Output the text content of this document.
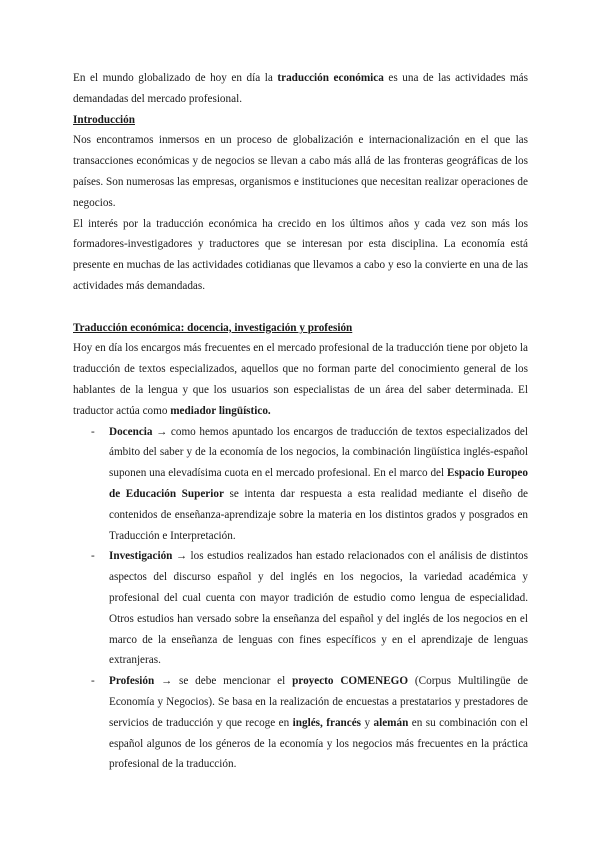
En el mundo globalizado de hoy en día la traducción económica es una de las actividades más demandadas del mercado profesional.

Introducción

Nos encontramos inmersos en un proceso de globalización e internacionalización en el que las transacciones económicas y de negocios se llevan a cabo más allá de las fronteras geográficas de los países. Son numerosas las empresas, organismos e instituciones que necesitan realizar operaciones de negocios.

El interés por la traducción económica ha crecido en los últimos años y cada vez son más los formadores-investigadores y traductores que se interesan por esta disciplina. La economía está presente en muchas de las actividades cotidianas que llevamos a cabo y eso la convierte en una de las actividades más demandadas.

Traducción económica: docencia, investigación y profesión

Hoy en día los encargos más frecuentes en el mercado profesional de la traducción tiene por objeto la traducción de textos especializados, aquellos que no forman parte del conocimiento general de los hablantes de la lengua y que los usuarios son especialistas de un área del saber determinada. El traductor actúa como mediador lingüístico.

- Docencia → como hemos apuntado los encargos de traducción de textos especializados del ámbito del saber y de la economía de los negocios, la combinación lingüística inglés-español suponen una elevadísima cuota en el mercado profesional. En el marco del Espacio Europeo de Educación Superior se intenta dar respuesta a esta realidad mediante el diseño de contenidos de enseñanza-aprendizaje sobre la materia en los distintos grados y posgrados en Traducción e Interpretación.
- Investigación → los estudios realizados han estado relacionados con el análisis de distintos aspectos del discurso español y del inglés en los negocios, la variedad académica y profesional del cual cuenta con mayor tradición de estudio como lengua de especialidad. Otros estudios han versado sobre la enseñanza del español y del inglés de los negocios en el marco de la enseñanza de lenguas con fines específicos y en el aprendizaje de lenguas extranjeras.
- Profesión → se debe mencionar el proyecto COMENEGO (Corpus Multilingüe de Economía y Negocios). Se basa en la realización de encuestas a prestatarios y prestadores de servicios de traducción y que recoge en inglés, francés y alemán en su combinación con el español algunos de los géneros de la economía y los negocios más frecuentes en la práctica profesional de la traducción.
